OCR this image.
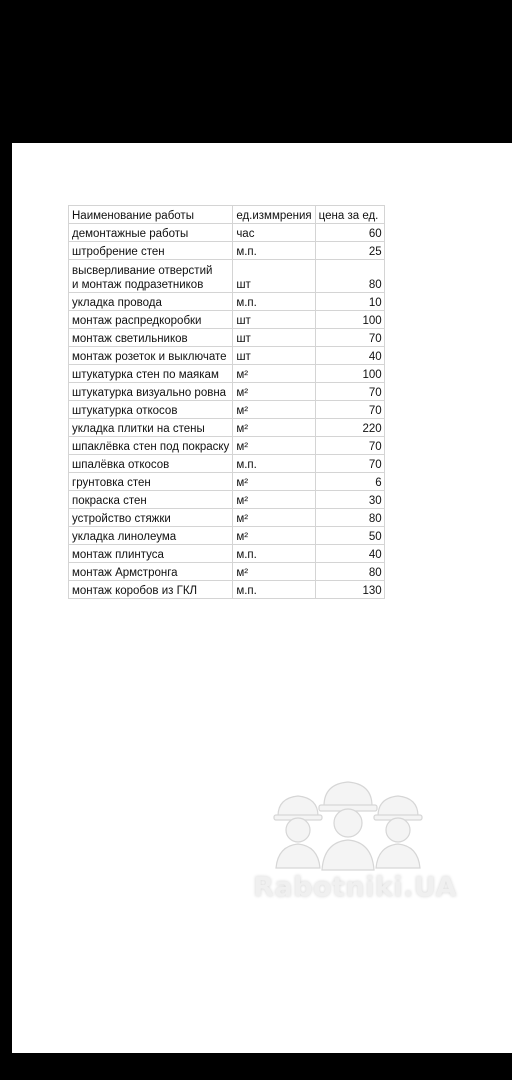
Наименование работы	ед.изммрения	цена за ед.
демонтажные работы	час	60
штробрение стен	м.п.	25

высверливание отверстий
и монтаж подразетников	шт	80
укладка провода	м.п.	10
монтаж распредкоробки	шт	100
монтаж светильников	шт	70
монтаж розеток и выключате	шт	40
штукатурка стен по маякам	м²	100
штукатурка визуально ровна	м²	70
штукатурка откосов	м²	70
укладка плитки на стены	м²	220
шпаклёвка стен под покраску	м²	70
шпалёвка откосов	м.п.	70
грунтовка стен	м²	6
покраска стен	м²	30
устройство стяжки	м²	80
укладка линолеума	м²	50
монтаж плинтуса	м.п.	40
монтаж Армстронга	м²	80
монтаж коробов из ГКЛ	м.п.	130
Rabotniki.UA
